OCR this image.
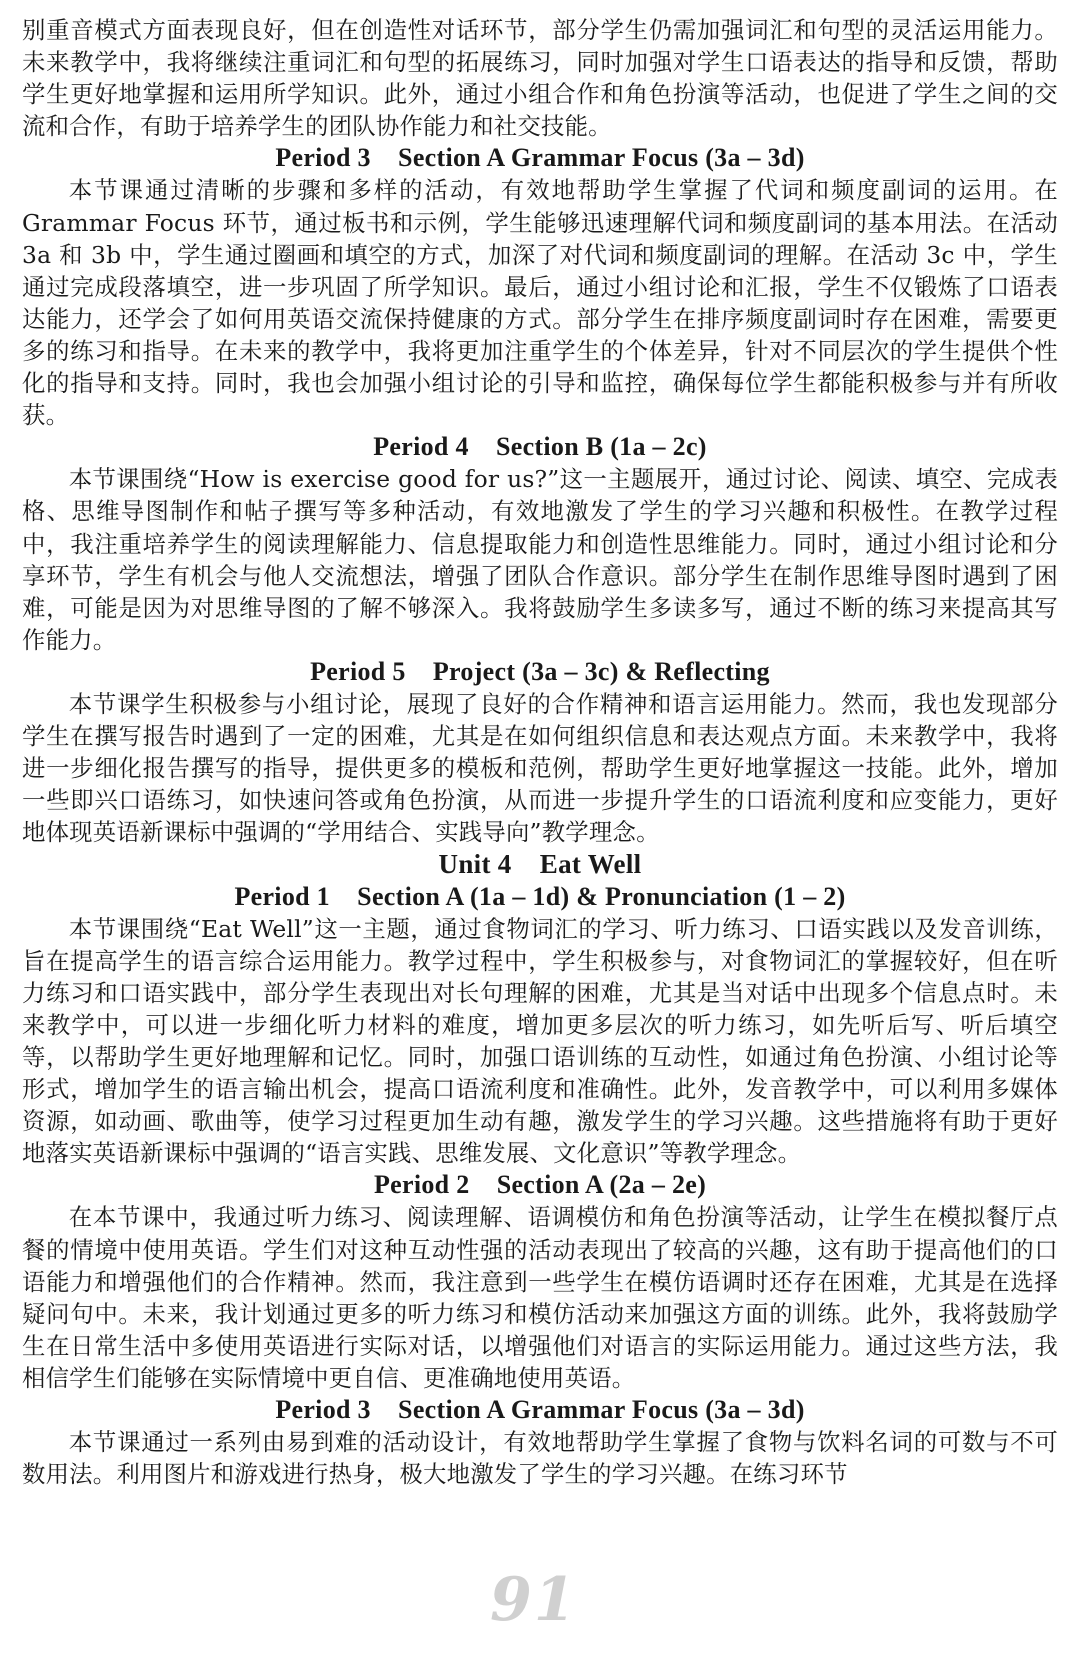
别重音模式方面表现良好，但在创造性对话环节，部分学生仍需加强词汇和句型的灵活运用能力。未来教学中，我将继续注重词汇和句型的拓展练习，同时加强对学生口语表达的指导和反馈，帮助学生更好地掌握和运用所学知识。此外，通过小组合作和角色扮演等活动，也促进了学生之间的交流和合作，有助于培养学生的团队协作能力和社交技能。

Period 3    Section A Grammar Focus (3a – 3d)

本节课通过清晰的步骤和多样的活动，有效地帮助学生掌握了代词和频度副词的运用。在 Grammar Focus 环节，通过板书和示例，学生能够迅速理解代词和频度副词的基本用法。在活动 3a 和 3b 中，学生通过圈画和填空的方式，加深了对代词和频度副词的理解。在活动 3c 中，学生通过完成段落填空，进一步巩固了所学知识。最后，通过小组讨论和汇报，学生不仅锻炼了口语表达能力，还学会了如何用英语交流保持健康的方式。部分学生在排序频度副词时存在困难，需要更多的练习和指导。在未来的教学中，我将更加注重学生的个体差异，针对不同层次的学生提供个性化的指导和支持。同时，我也会加强小组讨论的引导和监控，确保每位学生都能积极参与并有所收获。

Period 4    Section B (1a – 2c)

本节课围绕“How is exercise good for us?”这一主题展开，通过讨论、阅读、填空、完成表格、思维导图制作和帖子撰写等多种活动，有效地激发了学生的学习兴趣和积极性。在教学过程中，我注重培养学生的阅读理解能力、信息提取能力和创造性思维能力。同时，通过小组讨论和分享环节，学生有机会与他人交流想法，增强了团队合作意识。部分学生在制作思维导图时遇到了困难，可能是因为对思维导图的了解不够深入。我将鼓励学生多读多写，通过不断的练习来提高其写作能力。

Period 5    Project (3a – 3c) & Reflecting

本节课学生积极参与小组讨论，展现了良好的合作精神和语言运用能力。然而，我也发现部分学生在撰写报告时遇到了一定的困难，尤其是在如何组织信息和表达观点方面。未来教学中，我将进一步细化报告撰写的指导，提供更多的模板和范例，帮助学生更好地掌握这一技能。此外，增加一些即兴口语练习，如快速问答或角色扮演，从而进一步提升学生的口语流利度和应变能力，更好地体现英语新课标中强调的“学用结合、实践导向”教学理念。

Unit 4    Eat Well
Period 1    Section A (1a – 1d) & Pronunciation (1 – 2)

本节课围绕“Eat Well”这一主题，通过食物词汇的学习、听力练习、口语实践以及发音训练，旨在提高学生的语言综合运用能力。教学过程中，学生积极参与，对食物词汇的掌握较好，但在听力练习和口语实践中，部分学生表现出对长句理解的困难，尤其是当对话中出现多个信息点时。未来教学中，可以进一步细化听力材料的难度，增加更多层次的听力练习，如先听后写、听后填空等，以帮助学生更好地理解和记忆。同时，加强口语训练的互动性，如通过角色扮演、小组讨论等形式，增加学生的语言输出机会，提高口语流利度和准确性。此外，发音教学中，可以利用多媒体资源，如动画、歌曲等，使学习过程更加生动有趣，激发学生的学习兴趣。这些措施将有助于更好地落实英语新课标中强调的“语言实践、思维发展、文化意识”等教学理念。

Period 2    Section A (2a – 2e)

在本节课中，我通过听力练习、阅读理解、语调模仿和角色扮演等活动，让学生在模拟餐厅点餐的情境中使用英语。学生们对这种互动性强的活动表现出了较高的兴趣，这有助于提高他们的口语能力和增强他们的合作精神。然而，我注意到一些学生在模仿语调时还存在困难，尤其是在选择疑问句中。未来，我计划通过更多的听力练习和模仿活动来加强这方面的训练。此外，我将鼓励学生在日常生活中多使用英语进行实际对话，以增强他们对语言的实际运用能力。通过这些方法，我相信学生们能够在实际情境中更自信、更准确地使用英语。

Period 3    Section A Grammar Focus (3a – 3d)

本节课通过一系列由易到难的活动设计，有效地帮助学生掌握了食物与饮料名词的可数与不可数用法。利用图片和游戏进行热身，极大地激发了学生的学习兴趣。在练习环节

91
